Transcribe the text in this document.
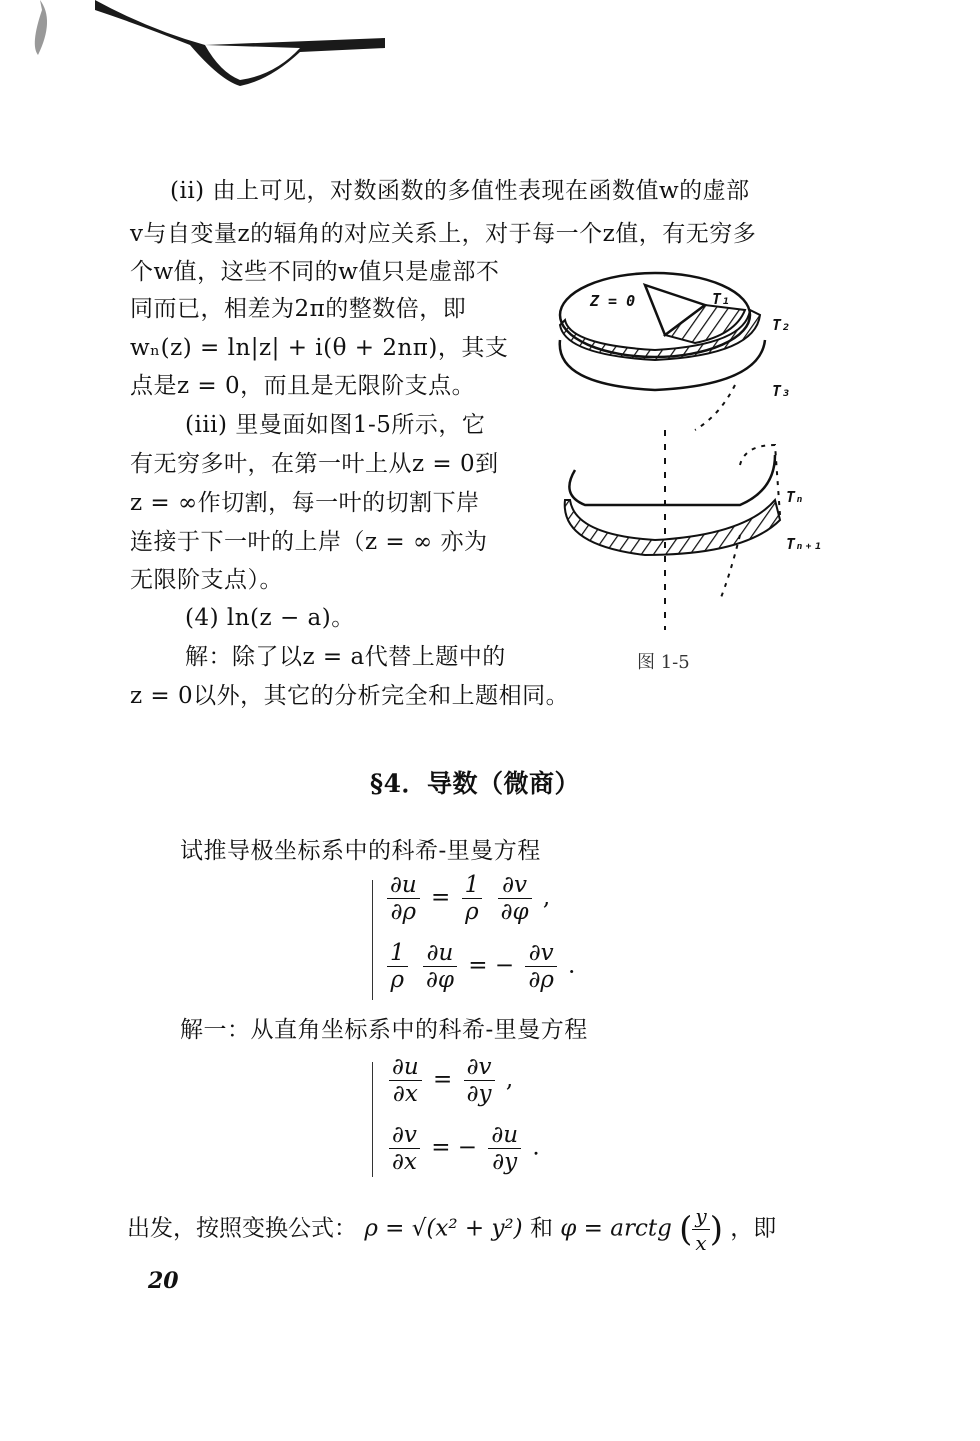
(ii) 由上可见，对数函数的多值性表现在函数值w的虚部
v与自变量z的辐角的对应关系上，对于每一个z值，有无穷多
个w值，这些不同的w值只是虚部不
同而已，相差为2π的整数倍，即
wₙ(z) = ln|z| + i(θ + 2nπ)，其支
点是z = 0，而且是无限阶支点。
(iii) 里曼面如图1-5所示，它
有无穷多叶，在第一叶上从z = 0到
z = ∞作切割，每一叶的切割下岸
连接于下一叶的上岸（z = ∞ 亦为
无限阶支点）。
(4) ln(z − a)。
解：除了以z = a代替上题中的
z = 0以外，其它的分析完全和上题相同。
Z = 0	T₁
T₂
T₃
Tₙ
Tₙ₊₁
图 1-5
§4．导数（微商）
试推导极坐标系中的科希-里曼方程
$\frac{\partial u}{\partial\rho} = \frac{1}{\rho}$
$\frac{\partial v}{\partial\varphi}$ ,
$\frac{1}{\rho}$
$\frac{\partial u}{\partial\varphi}$ = − $\frac{\partial v}{\partial\rho}$ ．
解一：从直角坐标系中的科希-里曼方程
$\frac{\partial u}{\partial x} = \frac{\partial v}{\partial y}$ ,
$\frac{\partial v}{\partial x}$ = − $\frac{\partial u}{\partial y}$ .
出发，按照变换公式： ρ = √(x² + y²) 和 φ = arctg ( $\frac{y}{x}$ ) ，即
20
